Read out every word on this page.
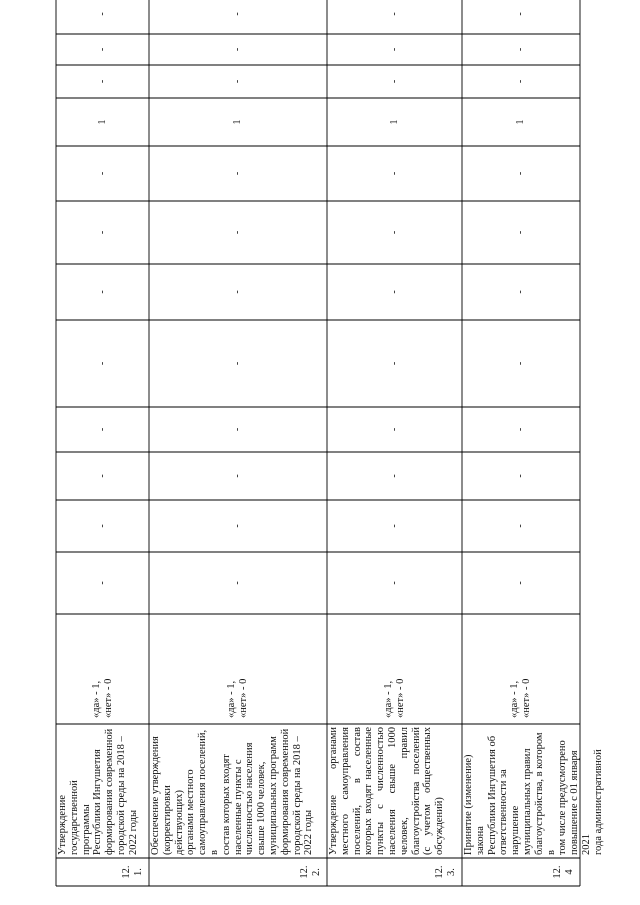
12.
1.
Утверждение
государственной программы
Республики Ингушетия
формирования современной
городской среды на 2018 –
2022 годы
«да» - 1,
«нет» - 0
-
-
-
-
-
-
-
-
1
-
-
-
12.
2.
Обеспечение утверждения
(корректировки действующих)
органами местного
самоуправления поселений, в
состав которых входят
населенные пункты с
численностью населения
свыше 1000 человек,
муниципальных программ
формирования современной
городской среды на 2018 –
2022 годы
«да» - 1,
«нет» - 0
-
-
-
-
-
-
-
-
1
-
-
-
12.
3.
Утверждение органами местного самоуправления поселений, в состав которых входят населенные пункты с численностью населения свыше 1000 человек, правил благоустройства поселений (с учетом общественных обсуждений)
«да» - 1,
«нет» - 0
-
-
-
-
-
-
-
-
1
-
-
-
12.
4
Принятие (изменение) закона
Республики Ингушетия об
ответственности за нарушение
муниципальных правил
благоустройства, в котором в
том числе предусмотрено
повышение с 01 января 2021
года административной
«да» - 1,
«нет» - 0
-
-
-
-
-
-
-
-
1
-
-
-
